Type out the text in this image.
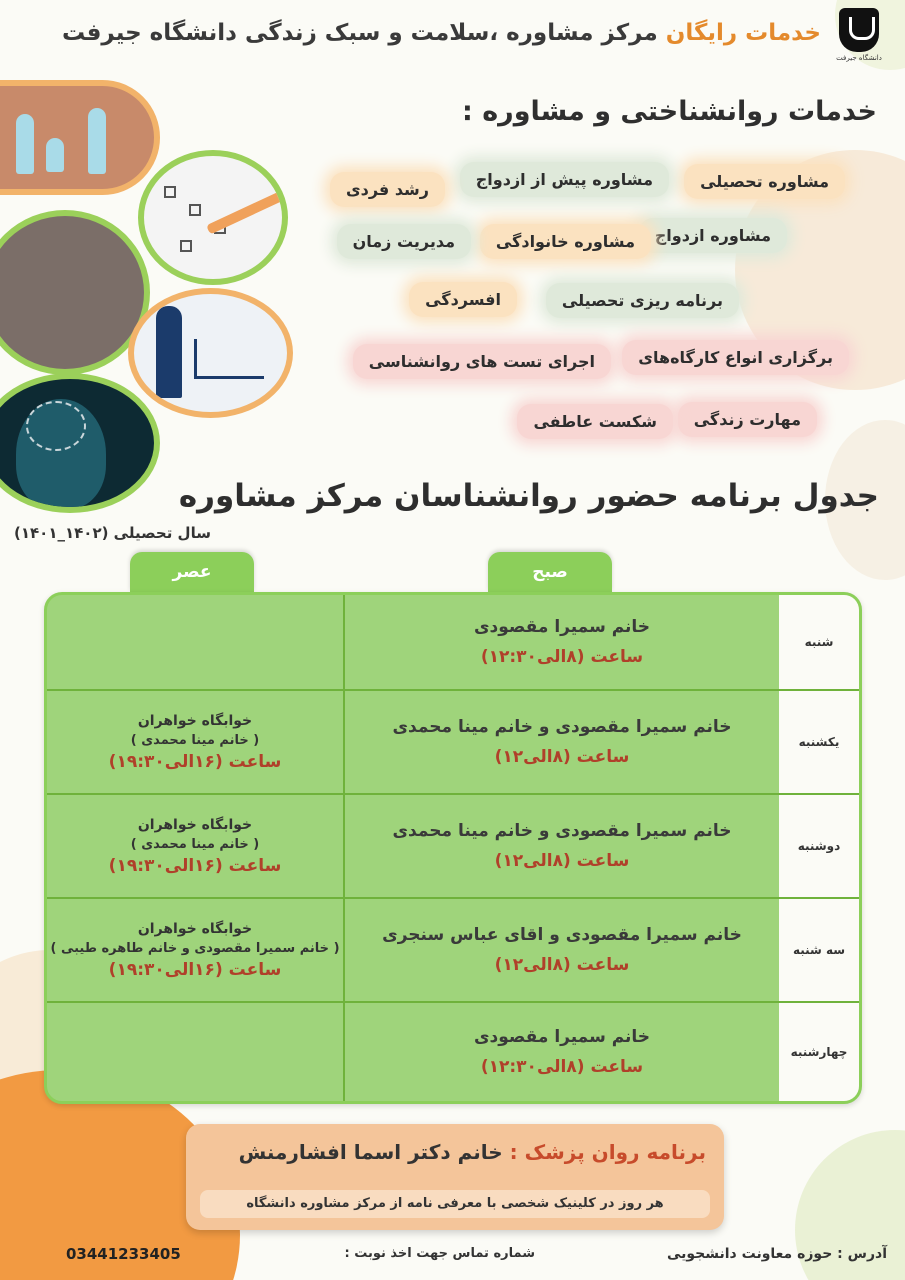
دانشگاه جیرفت
خدمات رایگان مرکز مشاوره ،سلامت و سبک زندگی دانشگاه جیرفت
خدمات روانشناختی و مشاوره :
مشاوره تحصیلی
مشاوره پیش از ازدواج
رشد فردی
مشاوره ازدواج
مشاوره خانوادگی
مدیریت زمان
برنامه ریزی تحصیلی
افسردگی
برگزاری انواع کارگاه‌های
اجرای تست های روانشناسی
مهارت زندگی
شکست عاطفی
جدول برنامه حضور روانشناسان مرکز مشاوره
سال تحصیلی (۱۴۰۲_۱۴۰۱)
عصر	صبح
شنبه
خانم سمیرا مقصودی
ساعت (۸الی۱۲:۳۰)
یکشنبه
خانم سمیرا مقصودی و خانم مینا محمدی
ساعت (۸الی۱۲)
خوابگاه خواهران
( خانم مینا محمدی )
ساعت (۱۶الی۱۹:۳۰)
دوشنبه
خانم سمیرا مقصودی و خانم مینا محمدی
ساعت (۸الی۱۲)
خوابگاه خواهران
( خانم مینا محمدی )
ساعت (۱۶الی۱۹:۳۰)
سه شنبه
خانم سمیرا مقصودی و اقای عباس سنجری
ساعت (۸الی۱۲)
خوابگاه خواهران
( خانم سمیرا مقصودی و خانم طاهره طیبی )
ساعت (۱۶الی۱۹:۳۰)
چهارشنبه
خانم سمیرا مقصودی
ساعت (۸الی۱۲:۳۰)
برنامه روان پزشک : خانم دکتر اسما افشارمنش
هر روز در کلینیک شخصی با معرفی نامه از مرکز مشاوره دانشگاه
آدرس : حوزه معاونت دانشجویی
شماره تماس جهت اخذ نوبت :
03441233405
